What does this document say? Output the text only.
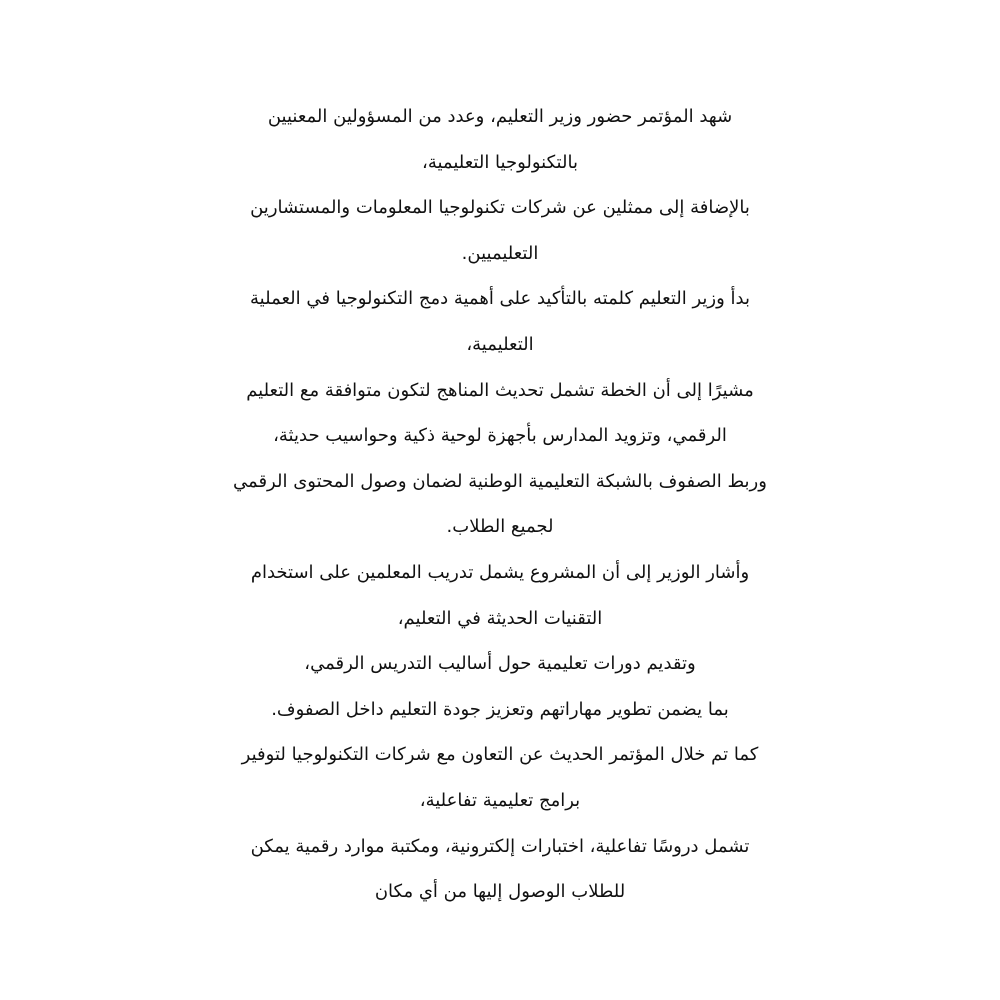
شهد المؤتمر حضور وزير التعليم، وعدد من المسؤولين المعنيين
بالتكنولوجيا التعليمية،
بالإضافة إلى ممثلين عن شركات تكنولوجيا المعلومات والمستشارين
التعليميين.
بدأ وزير التعليم كلمته بالتأكيد على أهمية دمج التكنولوجيا في العملية
التعليمية،
مشيرًا إلى أن الخطة تشمل تحديث المناهج لتكون متوافقة مع التعليم
الرقمي، وتزويد المدارس بأجهزة لوحية ذكية وحواسيب حديثة،
وربط الصفوف بالشبكة التعليمية الوطنية لضمان وصول المحتوى الرقمي
لجميع الطلاب.
وأشار الوزير إلى أن المشروع يشمل تدريب المعلمين على استخدام
التقنيات الحديثة في التعليم،
وتقديم دورات تعليمية حول أساليب التدريس الرقمي،
بما يضمن تطوير مهاراتهم وتعزيز جودة التعليم داخل الصفوف.
كما تم خلال المؤتمر الحديث عن التعاون مع شركات التكنولوجيا لتوفير
برامج تعليمية تفاعلية،
تشمل دروسًا تفاعلية، اختبارات إلكترونية، ومكتبة موارد رقمية يمكن
للطلاب الوصول إليها من أي مكان
